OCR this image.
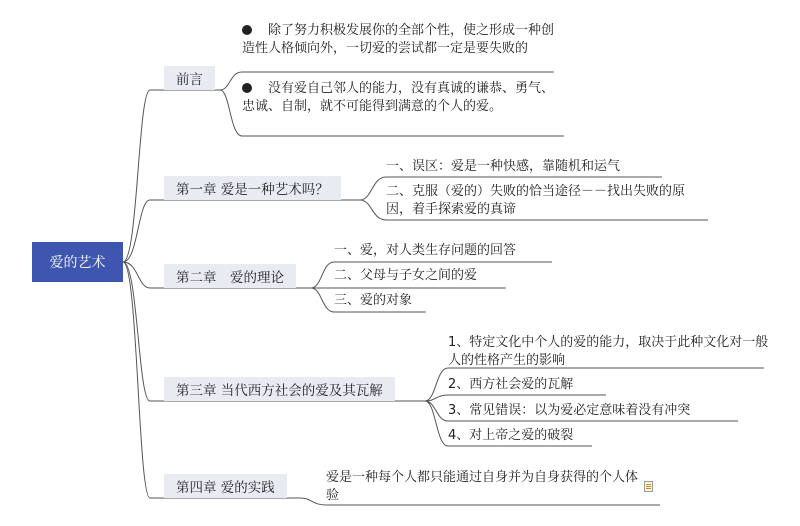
爱的艺术
前言
第一章 爱是一种艺术吗？
第二章　爱的理论
第三章 当代西方社会的爱及其瓦解
第四章 爱的实践
除了努力积极发展你的全部个性，使之形成一种创造性人格倾向外，一切爱的尝试都一定是要失败的
没有爱自己邻人的能力，没有真诚的谦恭、勇气、忠诚、自制，就不可能得到满意的个人的爱。
一、误区：爱是一种快感，靠随机和运气
二、克服（爱的）失败的恰当途径－－找出失败的原因，着手探索爱的真谛
一、爱，对人类生存问题的回答
二、父母与子女之间的爱
三、爱的对象
1、特定文化中个人的爱的能力，取决于此种文化对一般人的性格产生的影响
2、西方社会爱的瓦解
3、常见错误：以为爱必定意味着没有冲突
4、对上帝之爱的破裂
爱是一种每个人都只能通过自身并为自身获得的个人体验
